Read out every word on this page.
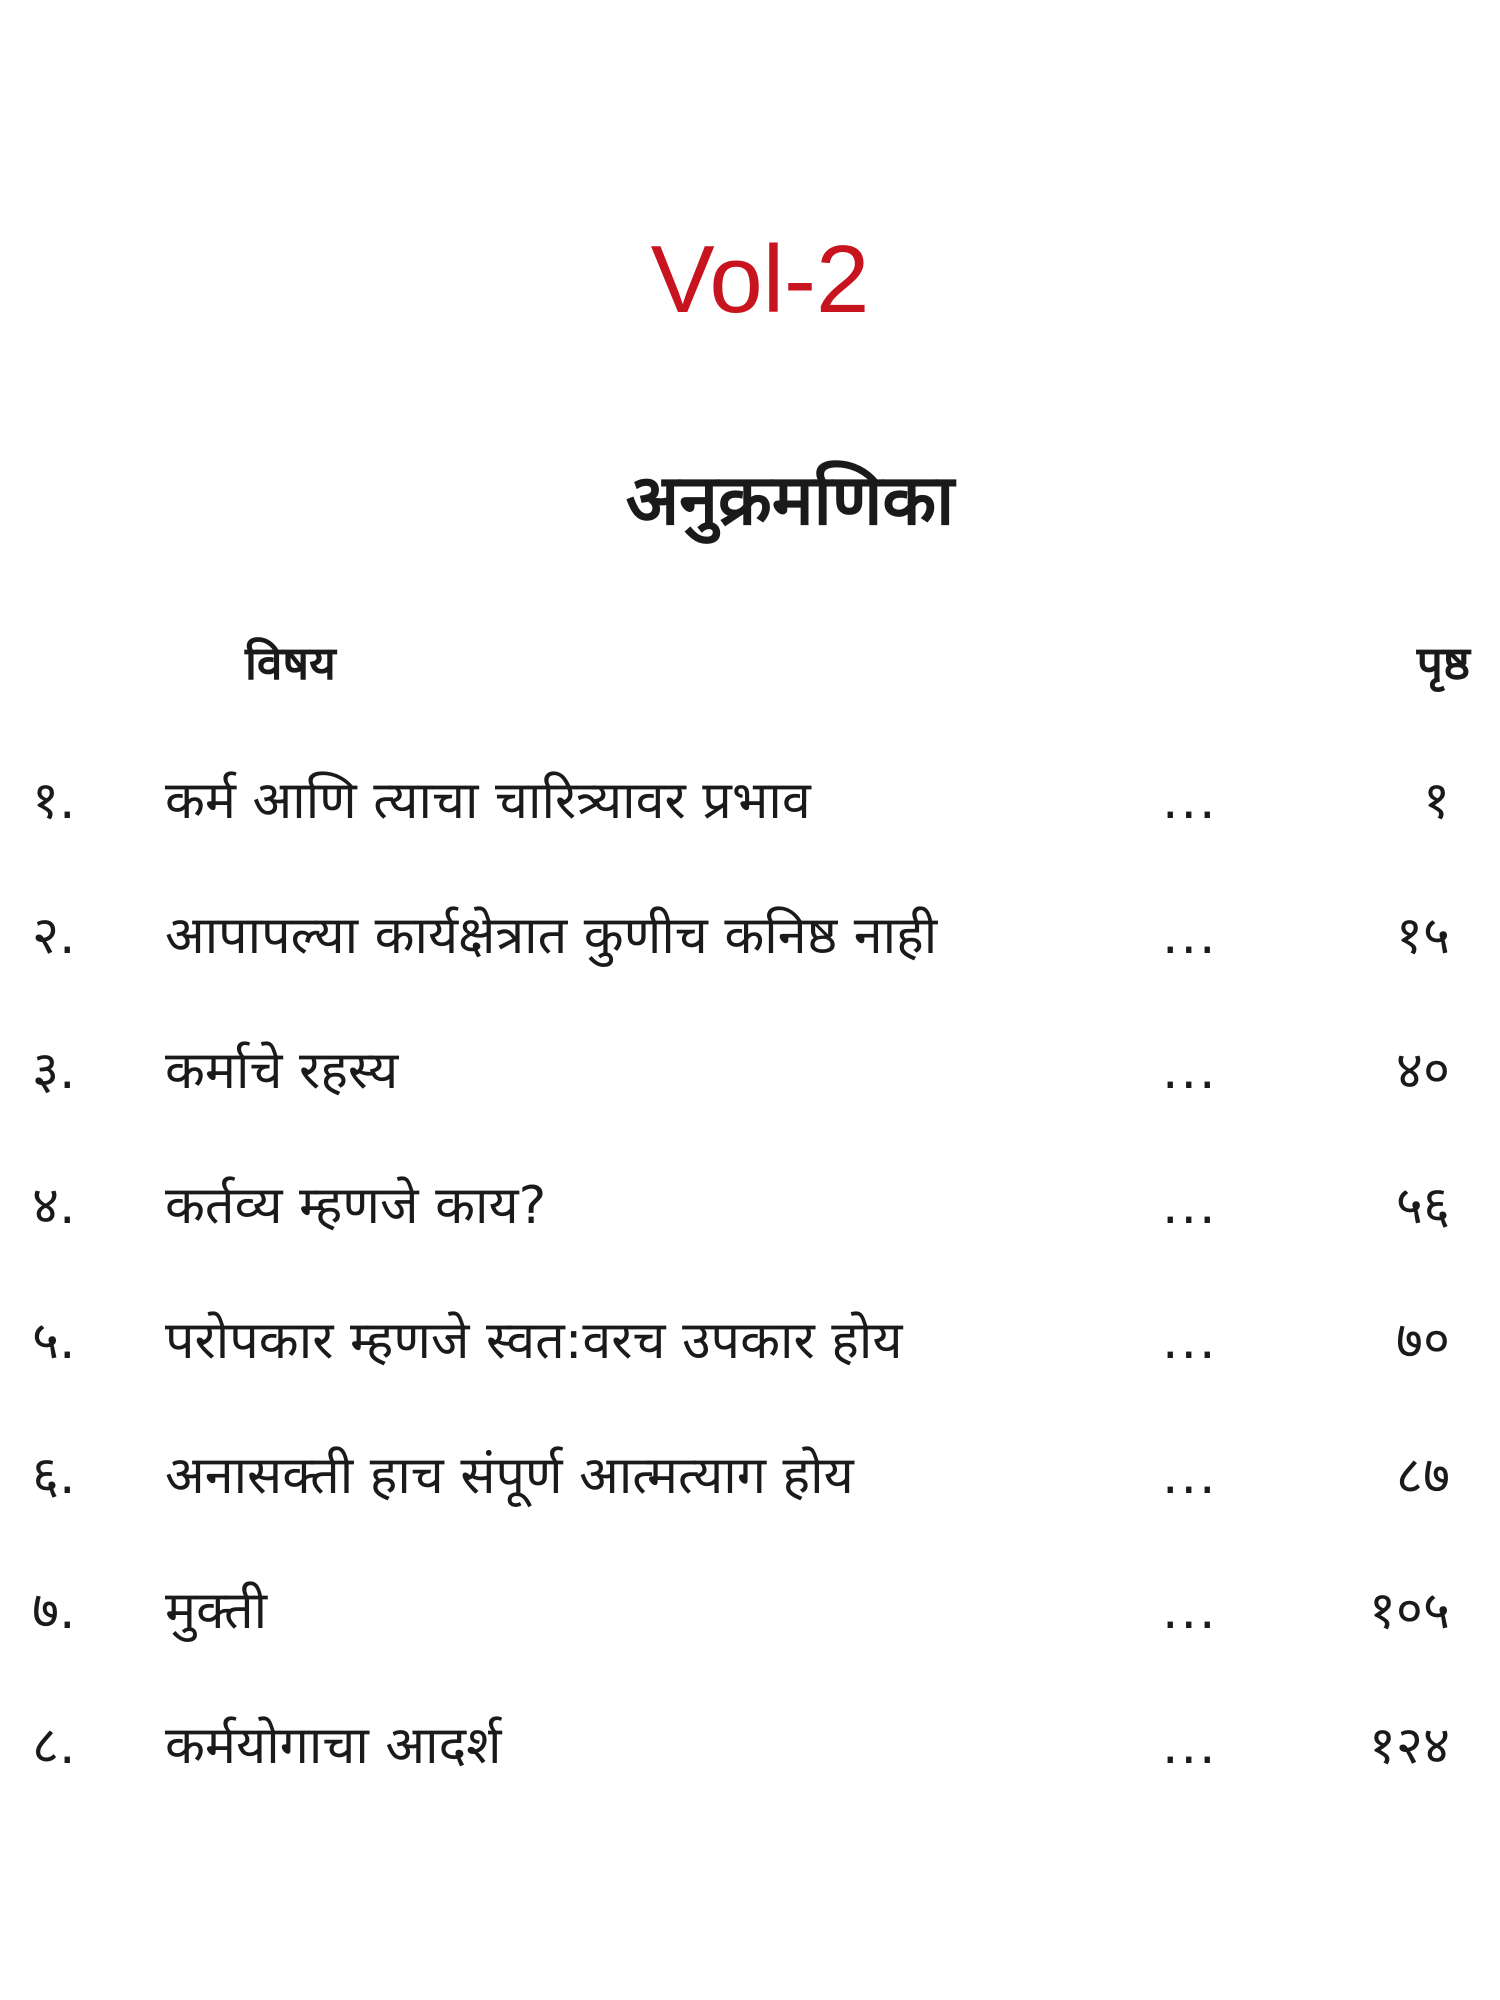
Vol-2
अनुक्रमणिका
विषय	पृष्ठ
१. कर्म आणि त्याचा चारित्र्यावर प्रभाव	...	१
२. आपापल्या कार्यक्षेत्रात कुणीच कनिष्ठ नाही	...	१५
३. कर्माचे रहस्य	...	४०
४. कर्तव्य म्हणजे काय?	...	५६
५. परोपकार म्हणजे स्वत:वरच उपकार होय	...	७०
६. अनासक्ती हाच संपूर्ण आत्मत्याग होय	...	८७
७. मुक्ती	...	१०५
८. कर्मयोगाचा आदर्श	...	१२४
